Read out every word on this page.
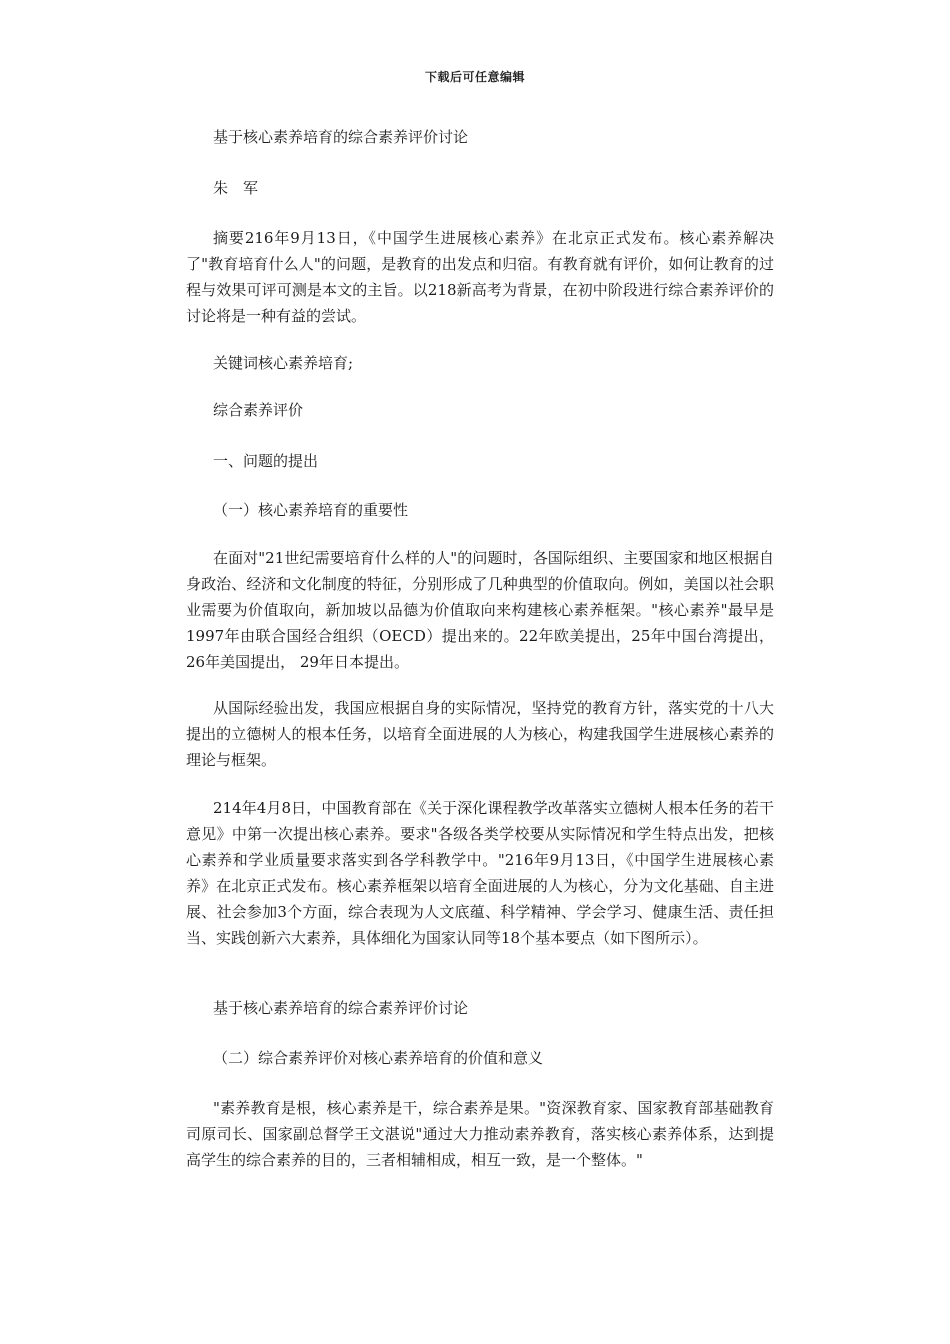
下载后可任意编辑
基于核心素养培育的综合素养评价讨论
朱　军
摘要216年9月13日，《中国学生进展核心素养》在北京正式发布。核心素养解决了"教育培育什么人"的问题，是教育的出发点和归宿。有教育就有评价，如何让教育的过程与效果可评可测是本文的主旨。以218新高考为背景，在初中阶段进行综合素养评价的讨论将是一种有益的尝试。
关键词核心素养培育;
综合素养评价
一、问题的提出
（一）核心素养培育的重要性
在面对"21世纪需要培育什么样的人"的问题时，各国际组织、主要国家和地区根据自身政治、经济和文化制度的特征，分别形成了几种典型的价值取向。例如，美国以社会职业需要为价值取向，新加坡以品德为价值取向来构建核心素养框架。"核心素养"最早是1997年由联合国经合组织（OECD）提出来的。22年欧美提出，25年中国台湾提出，26年美国提出， 29年日本提出。
从国际经验出发，我国应根据自身的实际情况，坚持党的教育方针，落实党的十八大提出的立德树人的根本任务，以培育全面进展的人为核心，构建我国学生进展核心素养的理论与框架。
214年4月8日，中国教育部在《关于深化课程教学改革落实立德树人根本任务的若干意见》中第一次提出核心素养。要求"各级各类学校要从实际情况和学生特点出发，把核心素养和学业质量要求落实到各学科教学中。"216年9月13日，《中国学生进展核心素养》在北京正式发布。核心素养框架以培育全面进展的人为核心，分为文化基础、自主进展、社会参加3个方面，综合表现为人文底蕴、科学精神、学会学习、健康生活、责任担当、实践创新六大素养，具体细化为国家认同等18个基本要点（如下图所示）。
基于核心素养培育的综合素养评价讨论
（二）综合素养评价对核心素养培育的价值和意义
"素养教育是根，核心素养是干，综合素养是果。"资深教育家、国家教育部基础教育司原司长、国家副总督学王文湛说"通过大力推动素养教育，落实核心素养体系，达到提高学生的综合素养的目的，三者相辅相成，相互一致，是一个整体。"
